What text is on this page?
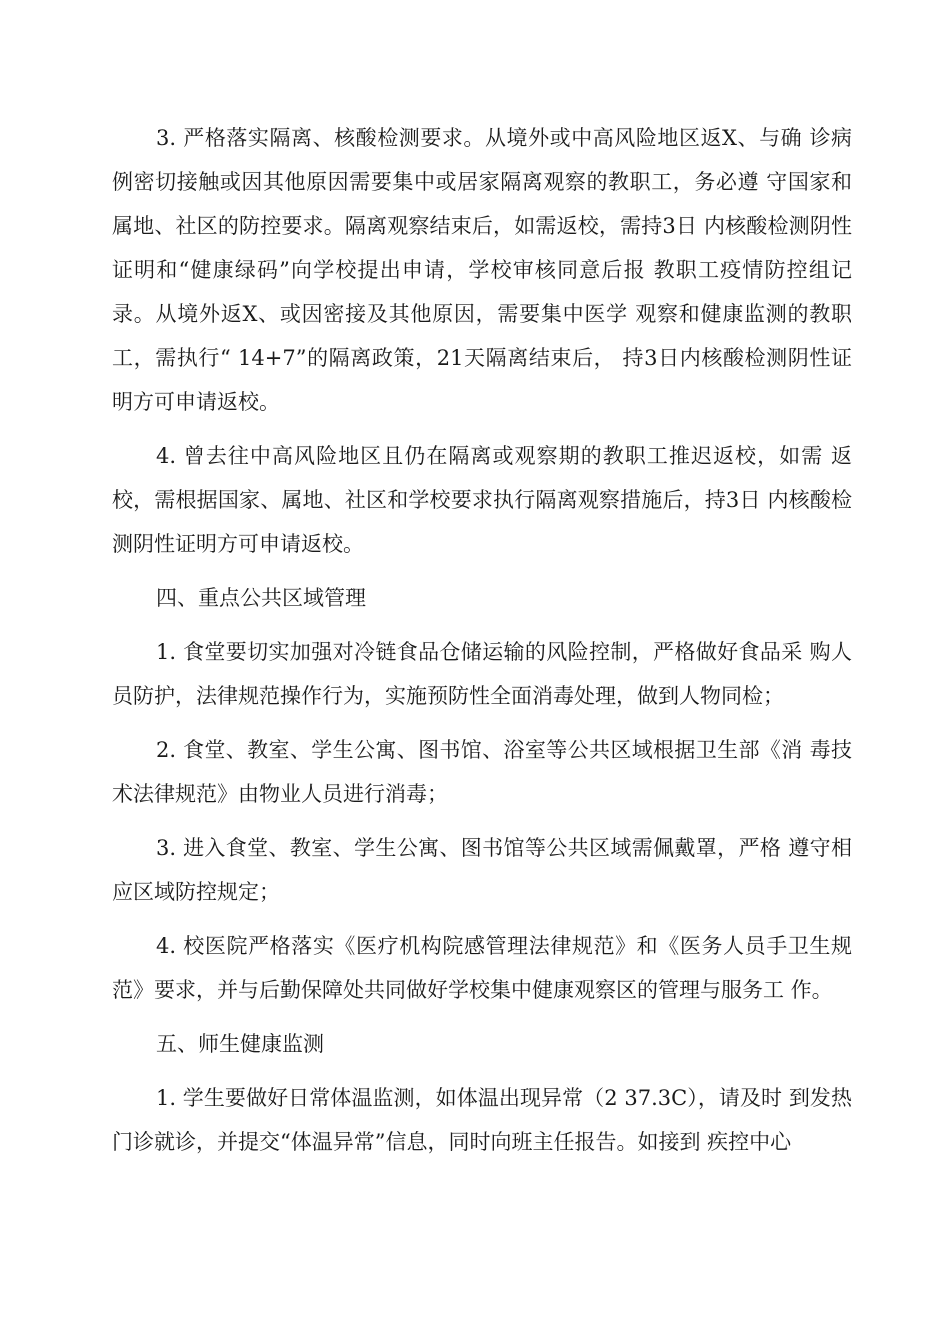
3. 严格落实隔离、核酸检测要求。从境外或中高风险地区返X、与确 诊病例密切接触或因其他原因需要集中或居家隔离观察的教职工，务必遵 守国家和属地、社区的防控要求。隔离观察结束后，如需返校，需持3日 内核酸检测阴性证明和“健康绿码”向学校提出申请，学校审核同意后报 教职工疫情防控组记录。从境外返X、或因密接及其他原因，需要集中医学 观察和健康监测的教职工，需执行“ 14+7”的隔离政策，21天隔离结束后， 持3日内核酸检测阴性证明方可申请返校。

4. 曾去往中高风险地区且仍在隔离或观察期的教职工推迟返校，如需 返校，需根据国家、属地、社区和学校要求执行隔离观察措施后，持3日 内核酸检测阴性证明方可申请返校。

四、重点公共区域管理

1. 食堂要切实加强对冷链食品仓储运输的风险控制，严格做好食品采 购人员防护，法律规范操作行为，实施预防性全面消毒处理，做到人物同检；

2. 食堂、教室、学生公寓、图书馆、浴室等公共区域根据卫生部《消 毒技术法律规范》由物业人员进行消毒；

3. 进入食堂、教室、学生公寓、图书馆等公共区域需佩戴罩，严格 遵守相应区域防控规定；

4. 校医院严格落实《医疗机构院感管理法律规范》和《医务人员手卫生规范》要求，并与后勤保障处共同做好学校集中健康观察区的管理与服务工 作。

五、师生健康监测

1. 学生要做好日常体温监测，如体温出现异常（2 37.3C），请及时 到发热门诊就诊，并提交“体温异常”信息，同时向班主任报告。如接到 疾控中心
